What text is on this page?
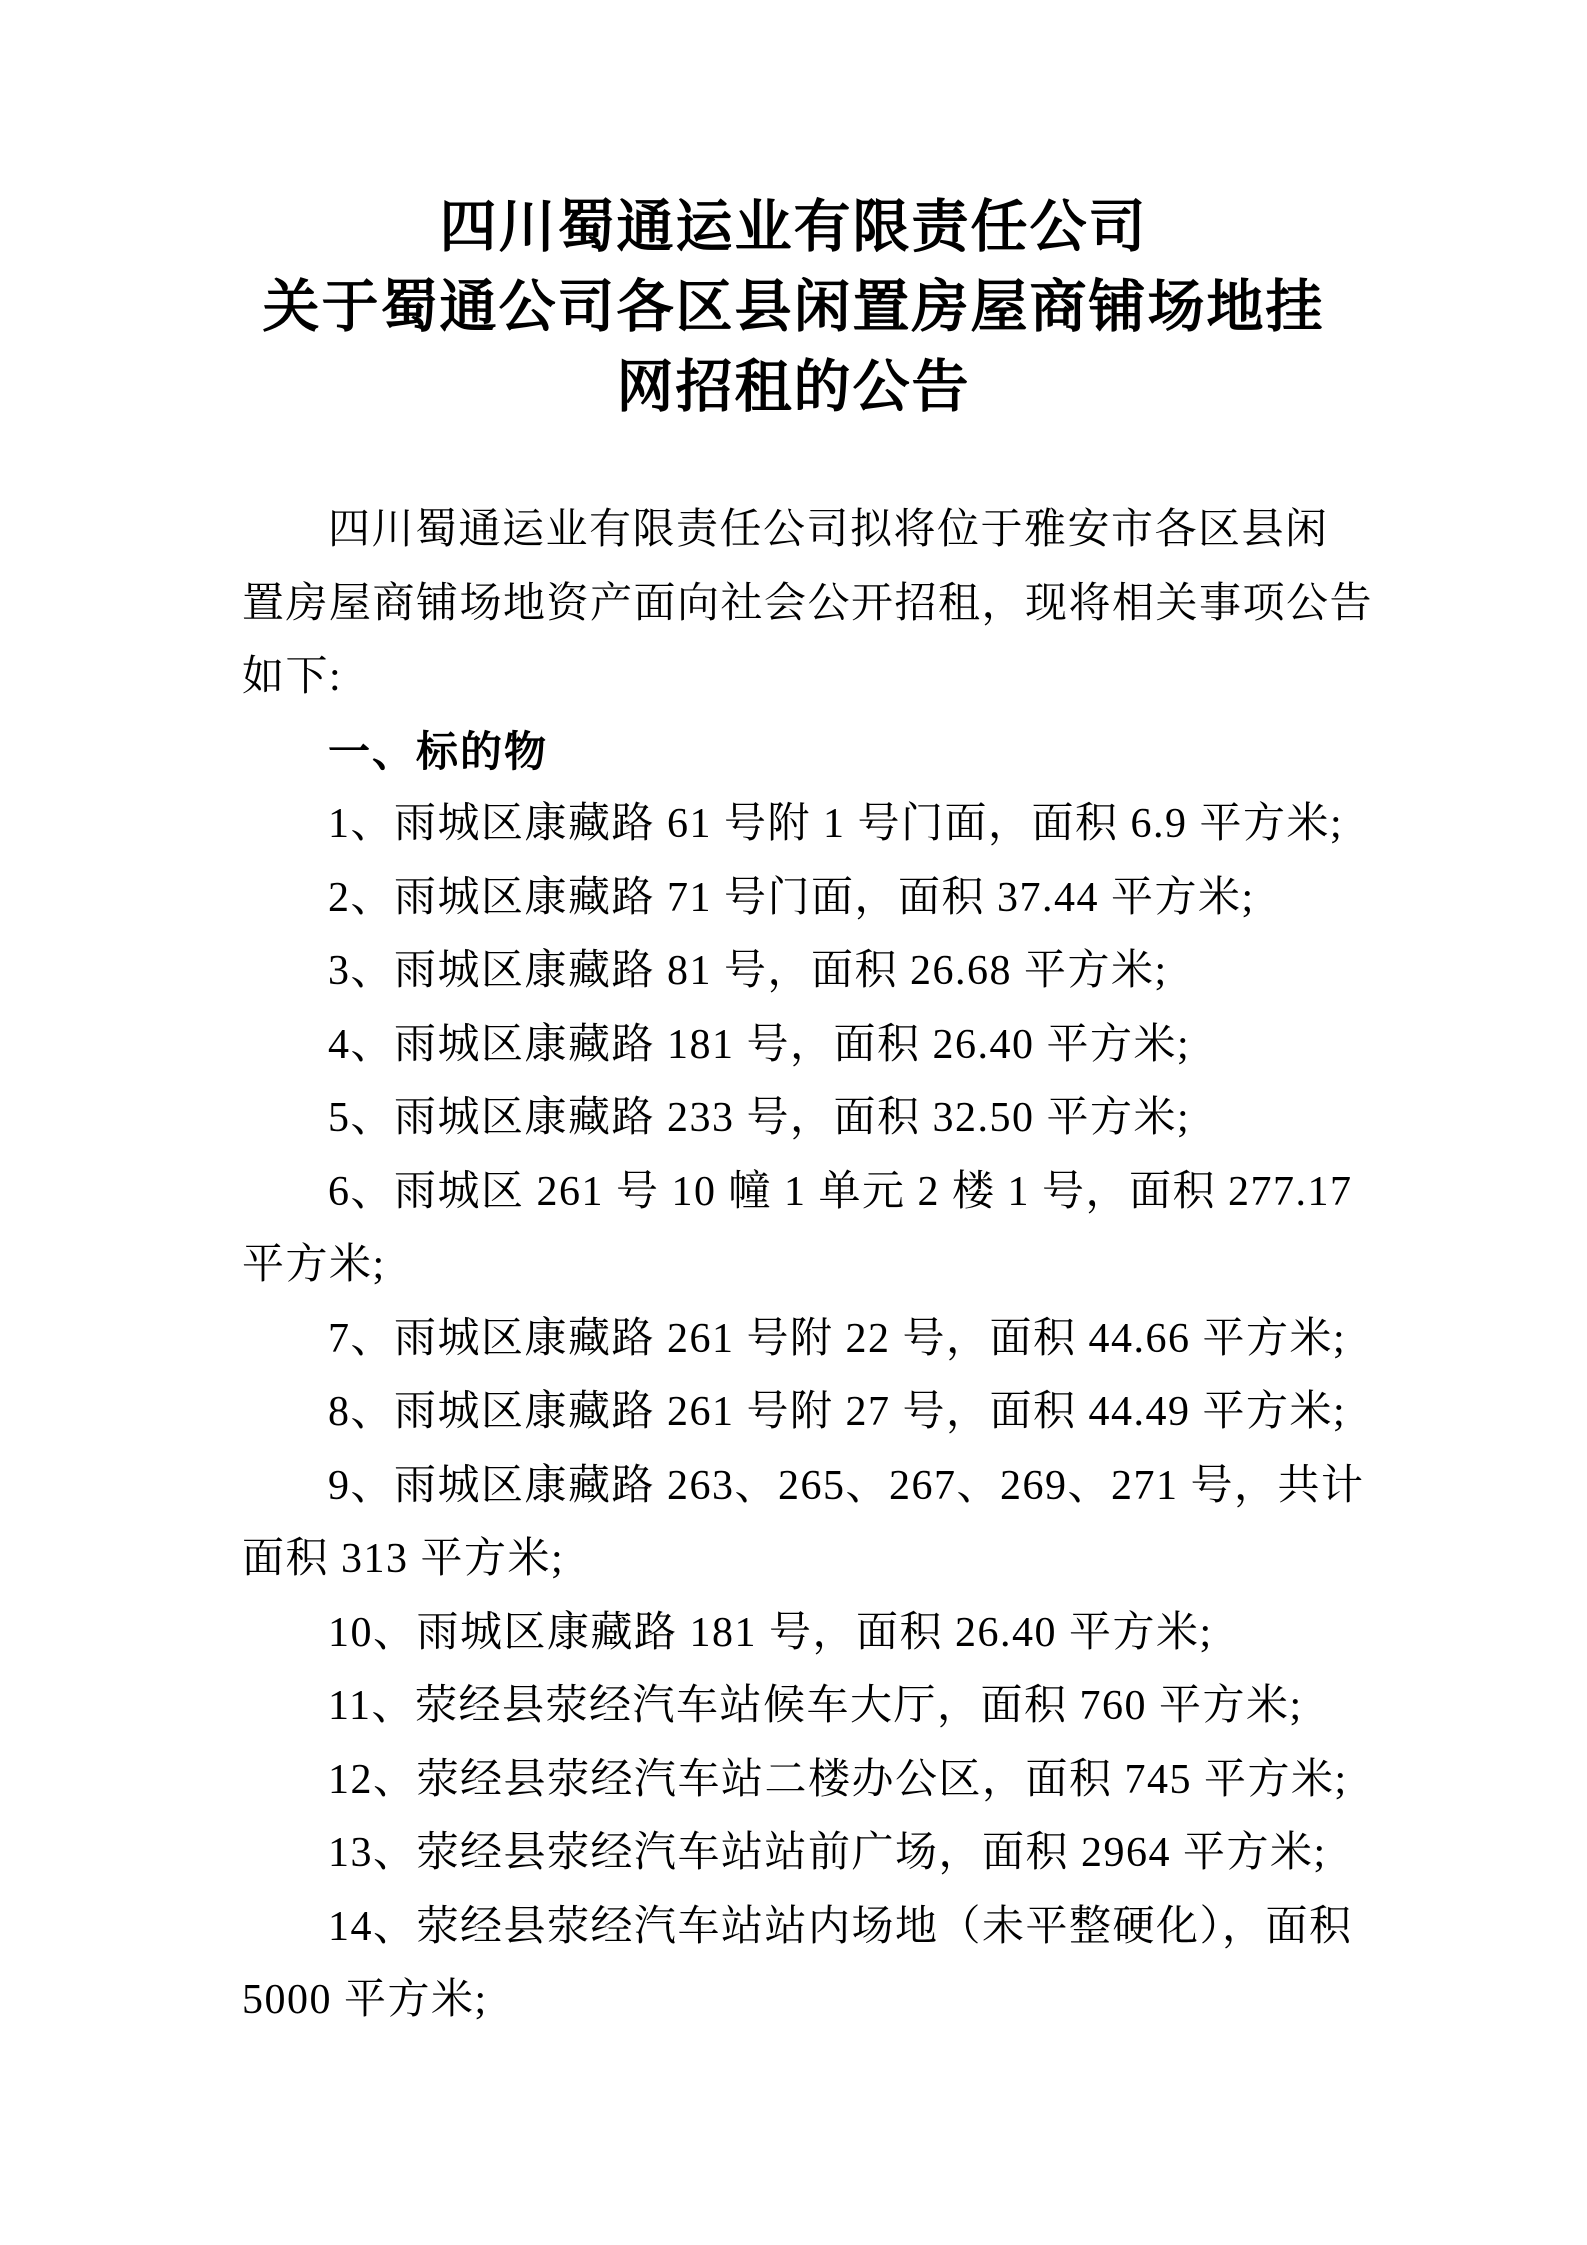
四川蜀通运业有限责任公司
关于蜀通公司各区县闲置房屋商铺场地挂
网招租的公告
四川蜀通运业有限责任公司拟将位于雅安市各区县闲
置房屋商铺场地资产面向社会公开招租，现将相关事项公告
如下:
一、标的物
1、雨城区康藏路 61 号附 1 号门面，面积 6.9 平方米;
2、雨城区康藏路 71 号门面，面积 37.44 平方米;
3、雨城区康藏路 81 号，面积 26.68 平方米;
4、雨城区康藏路 181 号，面积 26.40 平方米;
5、雨城区康藏路 233 号，面积 32.50 平方米;
6、雨城区 261 号 10 幢 1 单元 2 楼 1 号，面积 277.17
平方米;
7、雨城区康藏路 261 号附 22 号，面积 44.66 平方米;
8、雨城区康藏路 261 号附 27 号，面积 44.49 平方米;
9、雨城区康藏路 263、265、267、269、271 号，共计
面积 313 平方米;
10、雨城区康藏路 181 号，面积 26.40 平方米;
11、荥经县荥经汽车站候车大厅，面积 760 平方米;
12、荥经县荥经汽车站二楼办公区，面积 745 平方米;
13、荥经县荥经汽车站站前广场，面积 2964 平方米;
14、荥经县荥经汽车站站内场地（未平整硬化），面积
5000 平方米;
